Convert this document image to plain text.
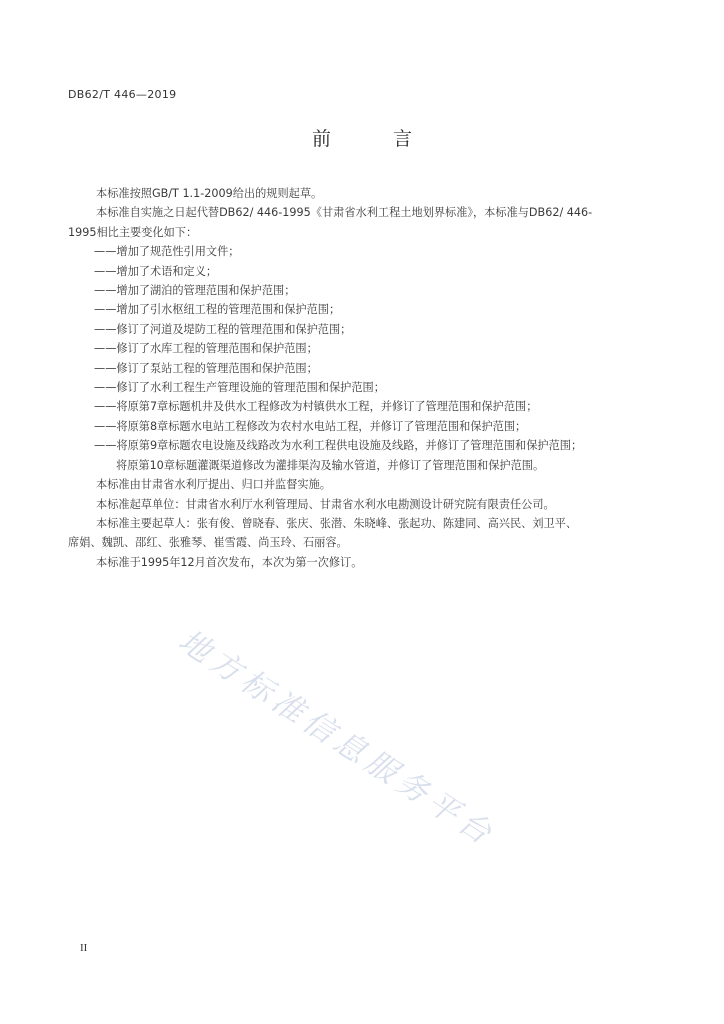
DB62/T 446—2019
前 言

本标准按照GB/T 1.1-2009给出的规则起草。

本标准自实施之日起代替DB62/ 446-1995《甘肃省水利工程土地划界标准》，本标准与DB62/ 446-
1995相比主要变化如下：

——增加了规范性引用文件；

——增加了术语和定义；

——增加了湖泊的管理范围和保护范围；

——增加了引水枢纽工程的管理范围和保护范围；

——修订了河道及堤防工程的管理范围和保护范围；

——修订了水库工程的管理范围和保护范围；

——修订了泵站工程的管理范围和保护范围；

——修订了水利工程生产管理设施的管理范围和保护范围；

——将原第7章标题机井及供水工程修改为村镇供水工程，并修订了管理范围和保护范围；

——将原第8章标题水电站工程修改为农村水电站工程，并修订了管理范围和保护范围；

——将原第9章标题农电设施及线路改为水利工程供电设施及线路，并修订了管理范围和保护范围；

将原第10章标题灌溉渠道修改为灌排渠沟及输水管道，并修订了管理范围和保护范围。

本标准由甘肃省水利厅提出、归口并监督实施。

本标准起草单位：甘肃省水利厅水利管理局、甘肃省水利水电勘测设计研究院有限责任公司。

本标准主要起草人：张有俊、曾晓春、张庆、张潜、朱晓峰、张起功、陈建同、高兴民、刘卫平、
席娟、魏凯、邵红、张雅琴、崔雪霞、尚玉玲、石丽容。

本标准于1995年12月首次发布，本次为第一次修订。

地方标准信息服务平台
II
